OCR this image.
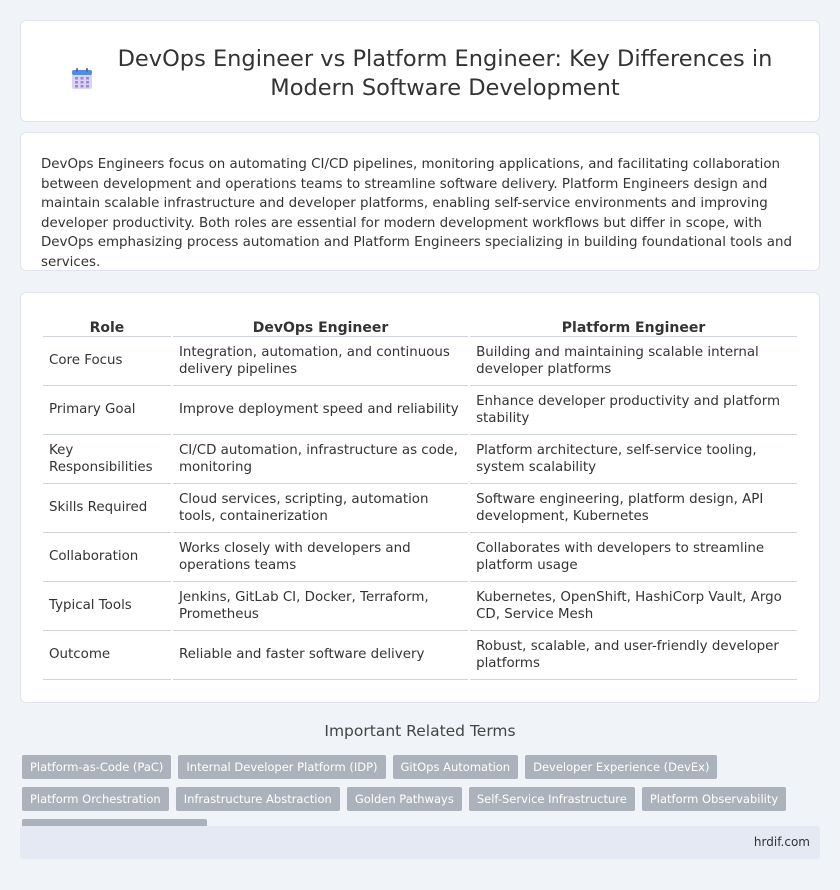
DevOps Engineer vs Platform Engineer: Key Differences in Modern Software Development

DevOps Engineers focus on automating CI/CD pipelines, monitoring applications, and facilitating collaboration between development and operations teams to streamline software delivery. Platform Engineers design and maintain scalable infrastructure and developer platforms, enabling self-service environments and improving developer productivity. Both roles are essential for modern development workflows but differ in scope, with DevOps emphasizing process automation and Platform Engineers specializing in building foundational tools and services.

Role	DevOps Engineer	Platform Engineer
Core Focus	Integration, automation, and continuous delivery pipelines	Building and maintaining scalable internal developer platforms
Primary Goal	Improve deployment speed and reliability	Enhance developer productivity and platform stability
Key Responsibilities	CI/CD automation, infrastructure as code, monitoring	Platform architecture, self-service tooling, system scalability
Skills Required	Cloud services, scripting, automation tools, containerization	Software engineering, platform design, API development, Kubernetes
Collaboration	Works closely with developers and operations teams	Collaborates with developers to streamline platform usage
Typical Tools	Jenkins, GitLab CI, Docker, Terraform, Prometheus	Kubernetes, OpenShift, HashiCorp Vault, Argo CD, Service Mesh
Outcome	Reliable and faster software delivery	Robust, scalable, and user-friendly developer platforms
Important Related Terms
Platform-as-Code (PaC)	Internal Developer Platform (IDP)	GitOps Automation	Developer Experience (DevEx)
Platform Orchestration	Infrastructure Abstraction	Golden Pathways	Self-Service Infrastructure	Platform Observability
hrdif.com
